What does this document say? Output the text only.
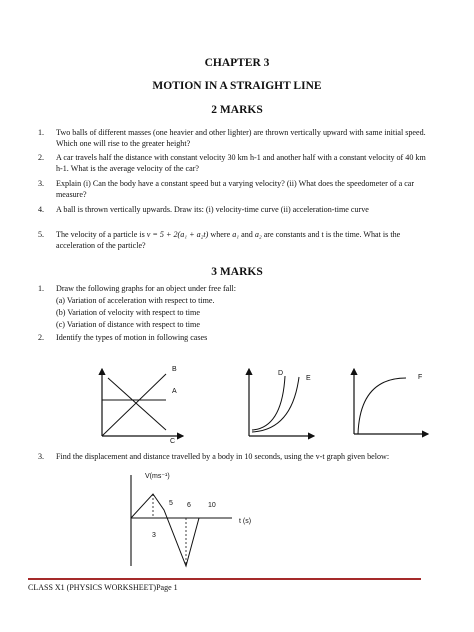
CHAPTER 3
MOTION IN A STRAIGHT LINE
2 MARKS
1. Two balls of different masses (one heavier and other lighter) are thrown vertically upward with same initial speed. Which one will rise to the greater height?
2. A car travels half the distance with constant velocity 30 km h-1 and another half with a constant velocity of 40 km h-1. What is the average velocity of the car?
3. Explain (i) Can the body have a constant speed but a varying velocity? (ii) What does the speedometer of a car measure?
4. A ball is thrown vertically upwards. Draw its: (i) velocity-time curve (ii) acceleration-time curve
5. The velocity of a particle is v = 5 + 2(a₁ + a₂t) where a₁ and a₂ are constants and t is the time. What is the acceleration of the particle?
3 MARKS
1. Draw the following graphs for an object under free fall:
(a) Variation of acceleration with respect to time.
(b) Variation of velocity with respect to time
(c) Variation of distance with respect to time
2. Identify the types of motion in following cases
B
A
C
D
E	F
3. Find the displacement and distance travelled by a body in 10 seconds, using the v-t graph given below:
V(ms⁻¹)
t (s)
5 6 10
3
CLASS X1 (PHYSICS WORKSHEET)Page 1
